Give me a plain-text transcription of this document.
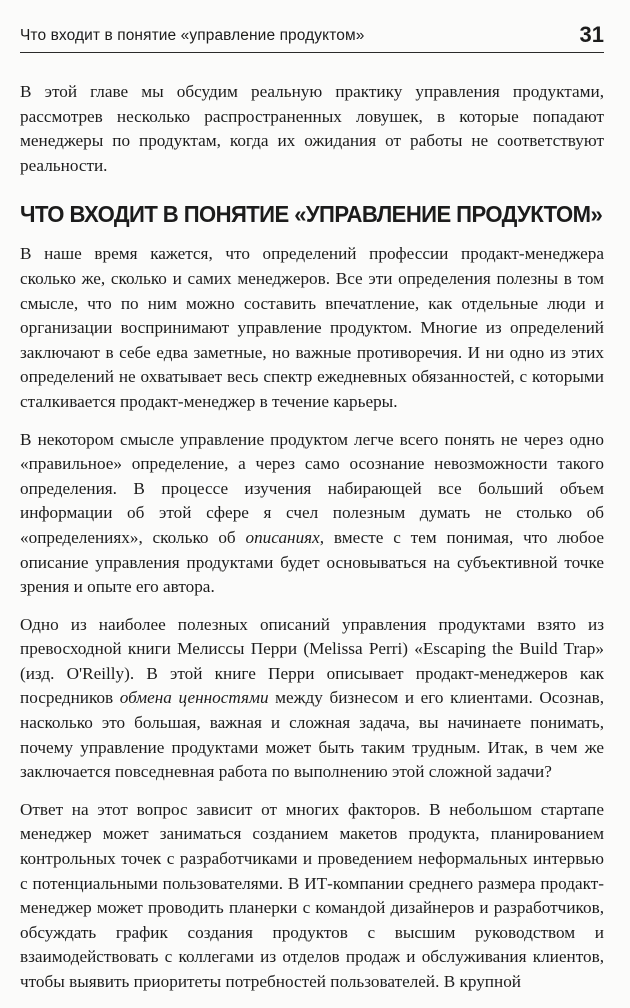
Что входит в понятие «управление продуктом»	31

В этой главе мы обсудим реальную практику управления продуктами, рассмотрев несколько распространенных ловушек, в которые попадают менеджеры по продуктам, когда их ожидания от работы не соответствуют реальности.

ЧТО ВХОДИТ В ПОНЯТИЕ «УПРАВЛЕНИЕ ПРОДУКТОМ»

В наше время кажется, что определений профессии продакт-менеджера сколько же, сколько и самих менеджеров. Все эти определения полезны в том смысле, что по ним можно составить впечатление, как отдельные люди и организации воспринимают управление продуктом. Многие из определений заключают в себе едва заметные, но важные противоречия. И ни одно из этих определений не охватывает весь спектр ежедневных обязанностей, с которыми сталкивается продакт-менеджер в течение карьеры.

В некотором смысле управление продуктом легче всего понять не через одно «правильное» определение, а через само осознание невозможности такого определения. В процессе изучения набирающей все больший объем информации об этой сфере я счел полезным думать не столько об «определениях», сколько об описаниях, вместе с тем понимая, что любое описание управления продуктами будет основываться на субъективной точке зрения и опыте его автора.

Одно из наиболее полезных описаний управления продуктами взято из превосходной книги Мелиссы Перри (Melissa Perri) «Escaping the Build Trap» (изд. O'Reilly). В этой книге Перри описывает продакт-менеджеров как посредников обмена ценностями между бизнесом и его клиентами. Осознав, насколько это большая, важная и сложная задача, вы начинаете понимать, почему управление продуктами может быть таким трудным. Итак, в чем же заключается повседневная работа по выполнению этой сложной задачи?

Ответ на этот вопрос зависит от многих факторов. В небольшом стартапе менеджер может заниматься созданием макетов продукта, планированием контрольных точек с разработчиками и проведением неформальных интервью с потенциальными пользователями. В ИТ-компании среднего размера продакт-менеджер может проводить планерки с командой дизайнеров и разработчиков, обсуждать график создания продуктов с высшим руководством и взаимодействовать с коллегами из отделов продаж и обслуживания клиентов, чтобы выявить приоритеты потребностей пользователей. В крупной
